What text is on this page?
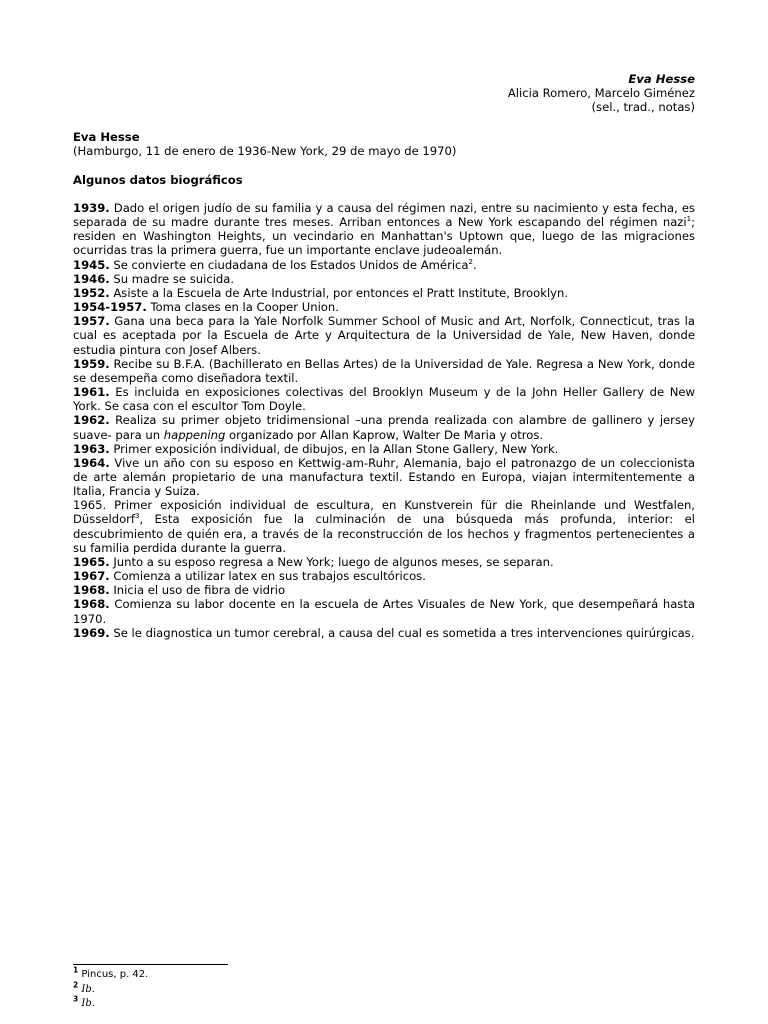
Eva Hesse
Alicia Romero, Marcelo Giménez
(sel., trad., notas)
Eva Hesse
(Hamburgo, 11 de enero de 1936-New York, 29 de mayo de 1970)
Algunos datos biográficos

1939. Dado el origen judío de su familia y a causa del régimen nazi, entre su nacimiento y esta fecha, es separada de su madre durante tres meses. Arriban entonces a New York escapando del régimen nazi$^1$; residen en Washington Heights, un vecindario en Manhattan's Uptown que, luego de las migraciones ocurridas tras la primera guerra, fue un importante enclave judeoalemán.

1945. Se convierte en ciudadana de los Estados Unidos de América$^2$.

1946. Su madre se suicida.

1952. Asiste a la Escuela de Arte Industrial, por entonces el Pratt Institute, Brooklyn.

1954-1957. Toma clases en la Cooper Union.

1957. Gana una beca para la Yale Norfolk Summer School of Music and Art, Norfolk, Connecticut, tras la cual es aceptada por la Escuela de Arte y Arquitectura de la Universidad de Yale, New Haven, donde estudia pintura con Josef Albers.

1959. Recibe su B.F.A. (Bachillerato en Bellas Artes) de la Universidad de Yale. Regresa a New York, donde se desempeña como diseñadora textil.

1961. Es incluida en exposiciones colectivas del Brooklyn Museum y de la John Heller Gallery de New York. Se casa con el escultor Tom Doyle.

1962. Realiza su primer objeto tridimensional –una prenda realizada con alambre de gallinero y jersey suave- para un happening organizado por Allan Kaprow, Walter De Maria y otros.

1963. Primer exposición individual, de dibujos, en la Allan Stone Gallery, New York.

1964. Vive un año con su esposo en Kettwig-am-Ruhr, Alemania, bajo el patronazgo de un coleccionista de arte alemán propietario de una manufactura textil. Estando en Europa, viajan intermitentemente a Italia, Francia y Suiza.

1965. Primer exposición individual de escultura, en Kunstverein für die Rheinlande und Westfalen, Düsseldorf$^3$, Esta exposición fue la culminación de una búsqueda más profunda, interior: el descubrimiento de quién era, a través de la reconstrucción de los hechos y fragmentos pertenecientes a su familia perdida durante la guerra.

1965. Junto a su esposo regresa a New York; luego de algunos meses, se separan.

1967. Comienza a utilizar latex en sus trabajos escultóricos.

1968. Inicia el uso de fibra de vidrio

1968. Comienza su labor docente en la escuela de Artes Visuales de New York, que desempeñará hasta 1970.

1969. Se le diagnostica un tumor cerebral, a causa del cual es sometida a tres intervenciones quirúrgicas.

$^1$ Pincus, p. 42.
$^2$ Ib.
$^3$ Ib.
